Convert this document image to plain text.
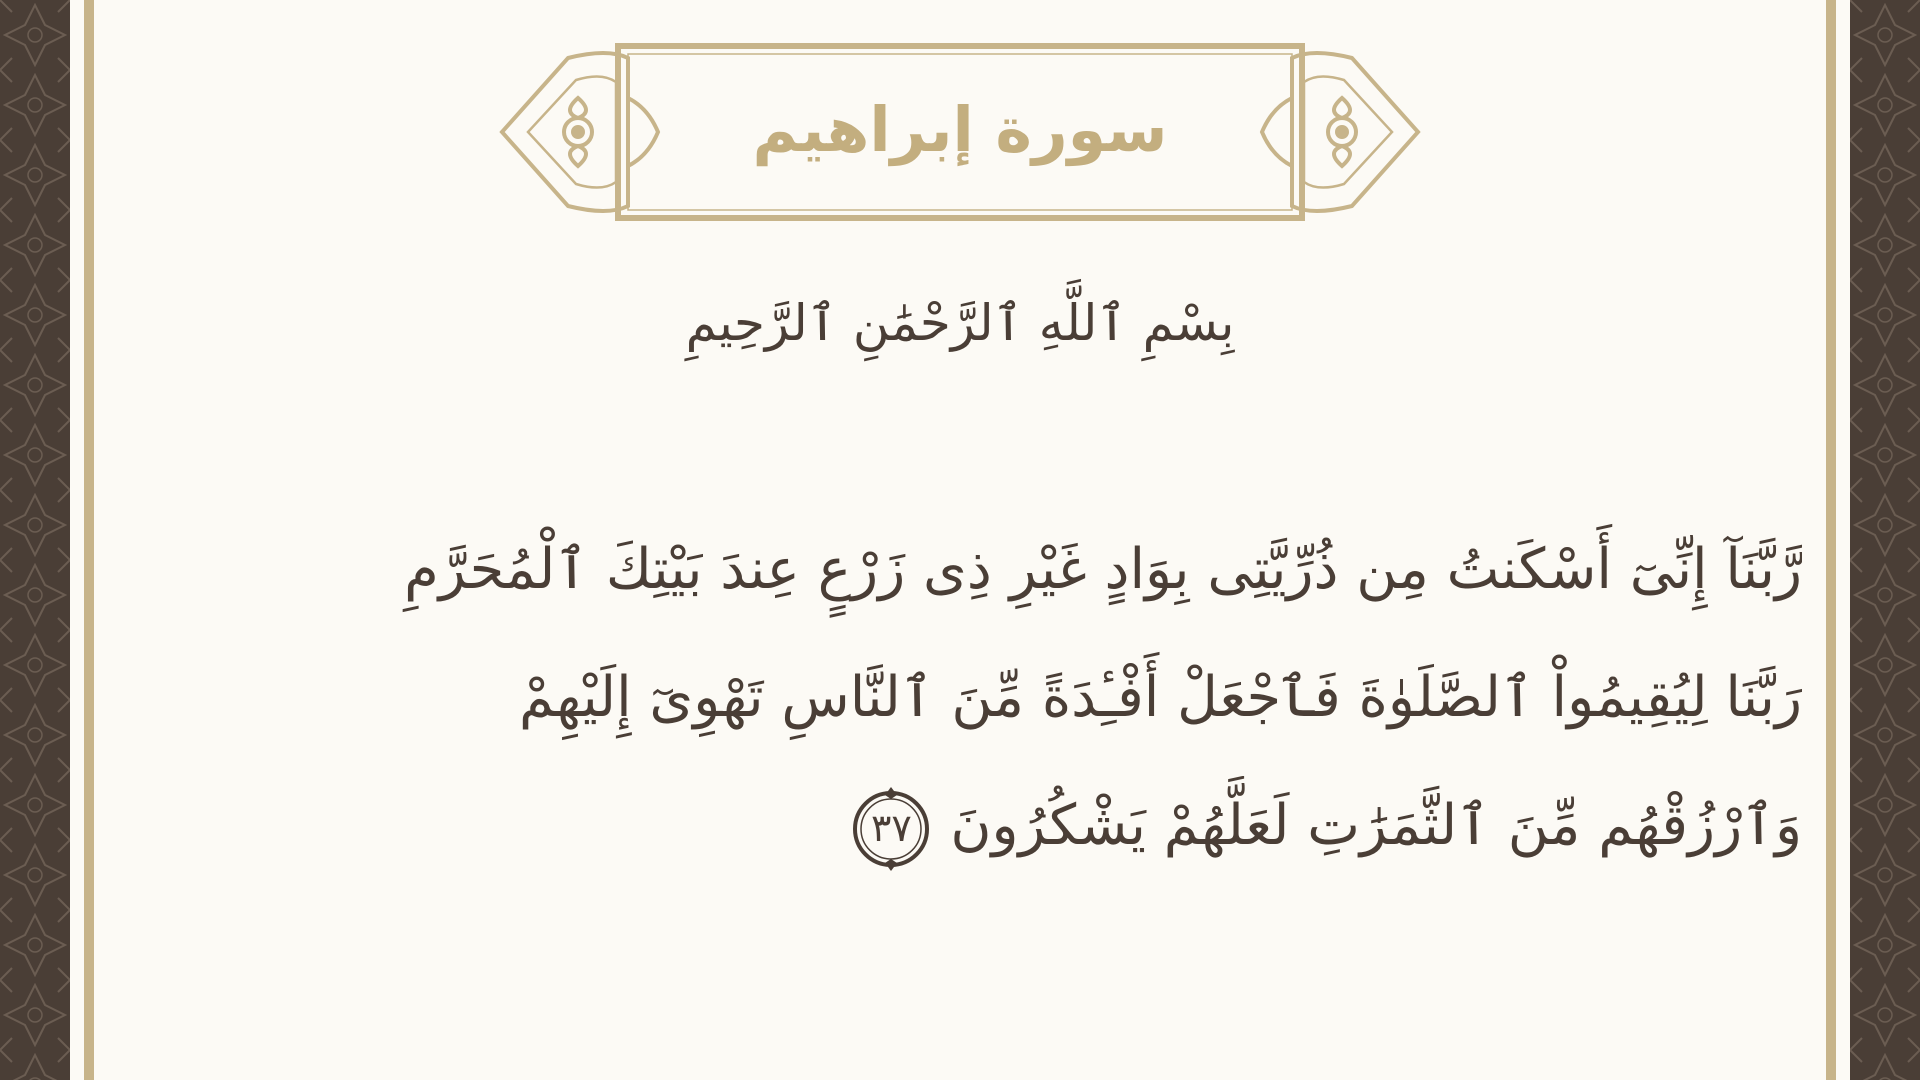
سورة إبراهيم
بِسْمِ ٱللَّهِ ٱلرَّحْمَٰنِ ٱلرَّحِيمِ
رَّبَّنَآ إِنِّىٓ أَسْكَنتُ مِن ذُرِّيَّتِى بِوَادٍ غَيْرِ ذِى زَرْعٍ عِندَ بَيْتِكَ ٱلْمُحَرَّمِ
رَبَّنَا لِيُقِيمُواْ ٱلصَّلَوٰةَ فَٱجْعَلْ أَفْـِٔدَةً مِّنَ ٱلنَّاسِ تَهْوِىٓ إِلَيْهِمْ
وَٱرْزُقْهُم مِّنَ ٱلثَّمَرَٰتِ لَعَلَّهُمْ يَشْكُرُونَ
٣٧
